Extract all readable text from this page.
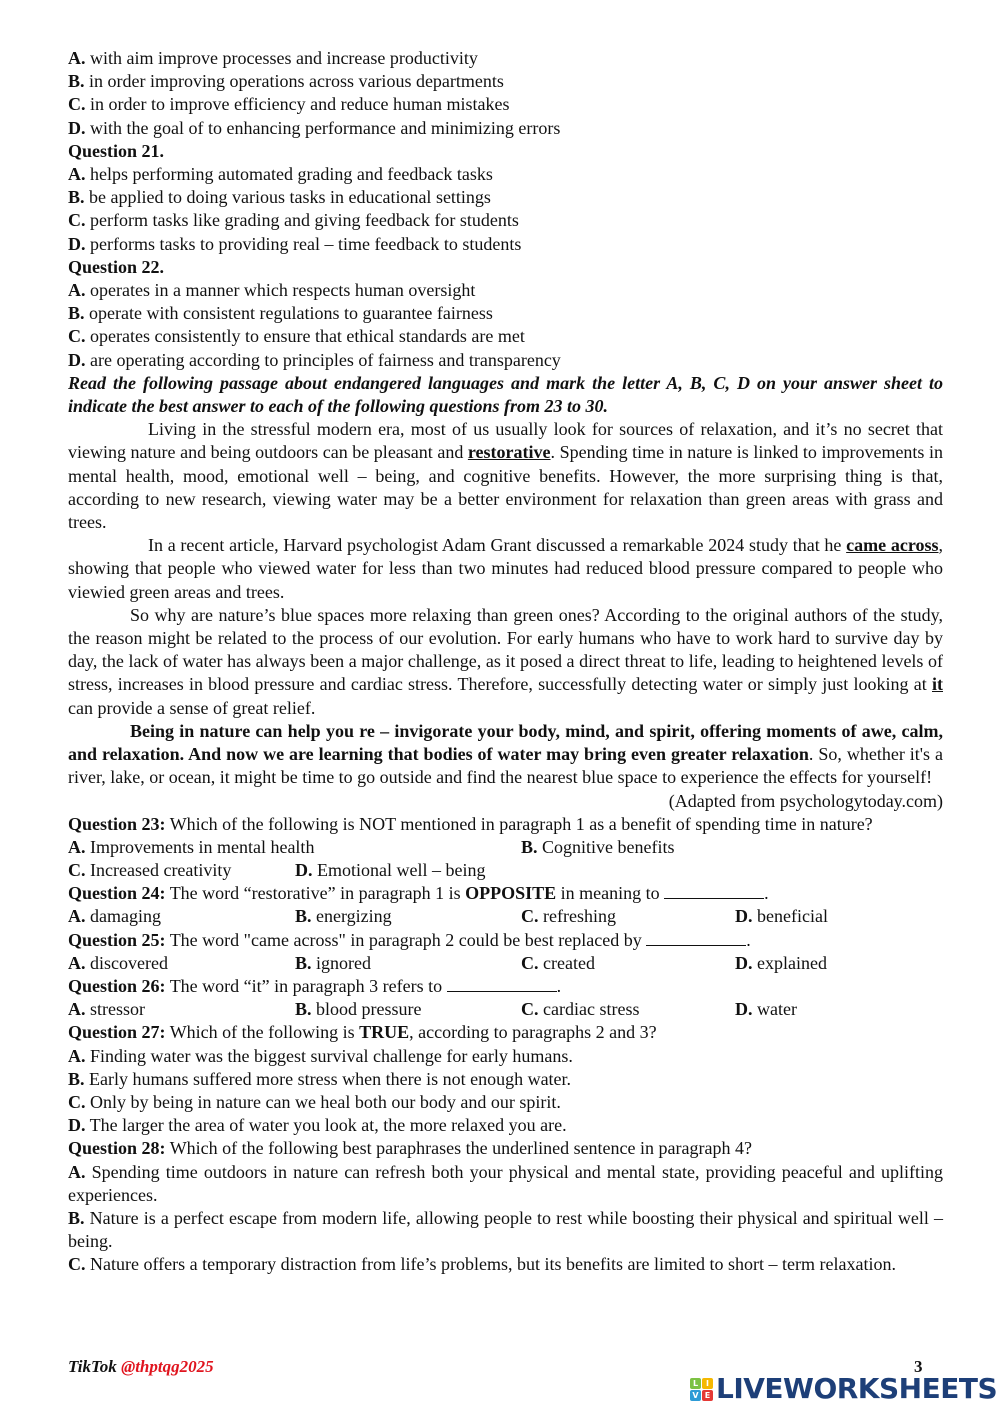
A. with aim improve processes and increase productivity
B. in order improving operations across various departments
C. in order to improve efficiency and reduce human mistakes
D. with the goal of to enhancing performance and minimizing errors
Question 21.
A. helps performing automated grading and feedback tasks
B. be applied to doing various tasks in educational settings
C. perform tasks like grading and giving feedback for students
D. performs tasks to providing real – time feedback to students
Question 22.
A. operates in a manner which respects human oversight
B. operate with consistent regulations to guarantee fairness
C. operates consistently to ensure that ethical standards are met
D. are operating according to principles of fairness and transparency
Read the following passage about endangered languages and mark the letter A, B, C, D on your answer sheet to indicate the best answer to each of the following questions from 23 to 30.
Living in the stressful modern era, most of us usually look for sources of relaxation, and it’s no secret that viewing nature and being outdoors can be pleasant and restorative. Spending time in nature is linked to improvements in mental health, mood, emotional well – being, and cognitive benefits. However, the more surprising thing is that, according to new research, viewing water may be a better environment for relaxation than green areas with grass and trees.
In a recent article, Harvard psychologist Adam Grant discussed a remarkable 2024 study that he came across, showing that people who viewed water for less than two minutes had reduced blood pressure compared to people who viewied green areas and trees.
So why are nature’s blue spaces more relaxing than green ones? According to the original authors of the study, the reason might be related to the process of our evolution. For early humans who have to work hard to survive day by day, the lack of water has always been a major challenge, as it posed a direct threat to life, leading to heightened levels of stress, increases in blood pressure and cardiac stress. Therefore, successfully detecting water or simply just looking at it can provide a sense of great relief.
Being in nature can help you re – invigorate your body, mind, and spirit, offering moments of awe, calm, and relaxation. And now we are learning that bodies of water may bring even greater relaxation. So, whether it's a river, lake, or ocean, it might be time to go outside and find the nearest blue space to experience the effects for yourself!
(Adapted from psychologytoday.com)
Question 23: Which of the following is NOT mentioned in paragraph 1 as a benefit of spending time in nature?
A. Improvements in mental health	B. Cognitive benefits
C. Increased creativity	D. Emotional well – being
Question 24: The word “restorative” in paragraph 1 is OPPOSITE in meaning to	.
A. damaging	B. energizing	C. refreshing	D. beneficial
Question 25: The word "came across" in paragraph 2 could be best replaced by	.
A. discovered	B. ignored	C. created	D. explained
Question 26: The word “it” in paragraph 3 refers to	.
A. stressor	B. blood pressure	C. cardiac stress	D. water
Question 27: Which of the following is TRUE, according to paragraphs 2 and 3?
A. Finding water was the biggest survival challenge for early humans.
B. Early humans suffered more stress when there is not enough water.
C. Only by being in nature can we heal both our body and our spirit.
D. The larger the area of water you look at, the more relaxed you are.
Question 28: Which of the following best paraphrases the underlined sentence in paragraph 4?
A. Spending time outdoors in nature can refresh both your physical and mental state, providing peaceful and uplifting experiences.
B. Nature is a perfect escape from modern life, allowing people to rest while boosting their physical and spiritual well – being.
C. Nature offers a temporary distraction from life’s problems, but its benefits are limited to short – term relaxation.
TikTok @thptqg2025	3
L I
V E LIVEWORKSHEETS
